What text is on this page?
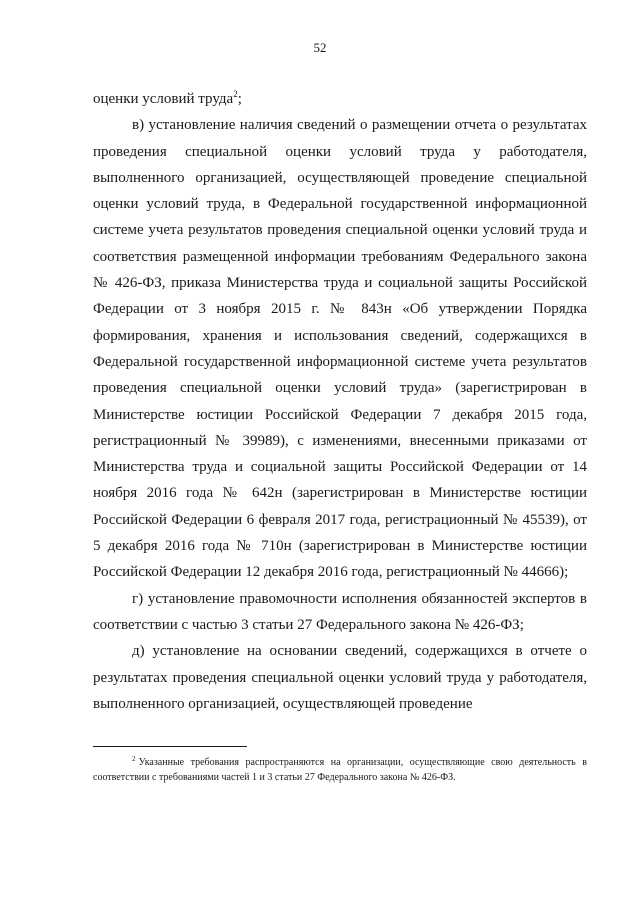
52

оценки условий труда$^2$;

в) установление наличия сведений о размещении отчета о результатах проведения специальной оценки условий труда у работодателя, выполненного организацией, осуществляющей проведение специальной оценки условий труда, в Федеральной государственной информационной системе учета результатов проведения специальной оценки условий труда и соответствия размещенной информации требованиям Федерального закона № 426-ФЗ, приказа Министерства труда и социальной защиты Российской Федерации от 3 ноября 2015 г. № 843н «Об утверждении Порядка формирования, хранения и использования сведений, содержащихся в Федеральной государственной информационной системе учета результатов проведения специальной оценки условий труда» (зарегистрирован в Министерстве юстиции Российской Федерации 7 декабря 2015 года, регистрационный № 39989), с изменениями, внесенными приказами от Министерства труда и социальной защиты Российской Федерации от 14 ноября 2016 года № 642н (зарегистрирован в Министерстве юстиции Российской Федерации 6 февраля 2017 года, регистрационный № 45539), от 5 декабря 2016 года № 710н (зарегистрирован в Министерстве юстиции Российской Федерации 12 декабря 2016 года, регистрационный № 44666);

г) установление правомочности исполнения обязанностей экспертов в соответствии с частью 3 статьи 27 Федерального закона № 426-ФЗ;

д) установление на основании сведений, содержащихся в отчете о результатах проведения специальной оценки условий труда у работодателя, выполненного организацией, осуществляющей проведение

$^2$ Указанные требования распространяются на организации, осуществляющие свою деятельность в соответствии с требованиями частей 1 и 3 статьи 27 Федерального закона № 426-ФЗ.
